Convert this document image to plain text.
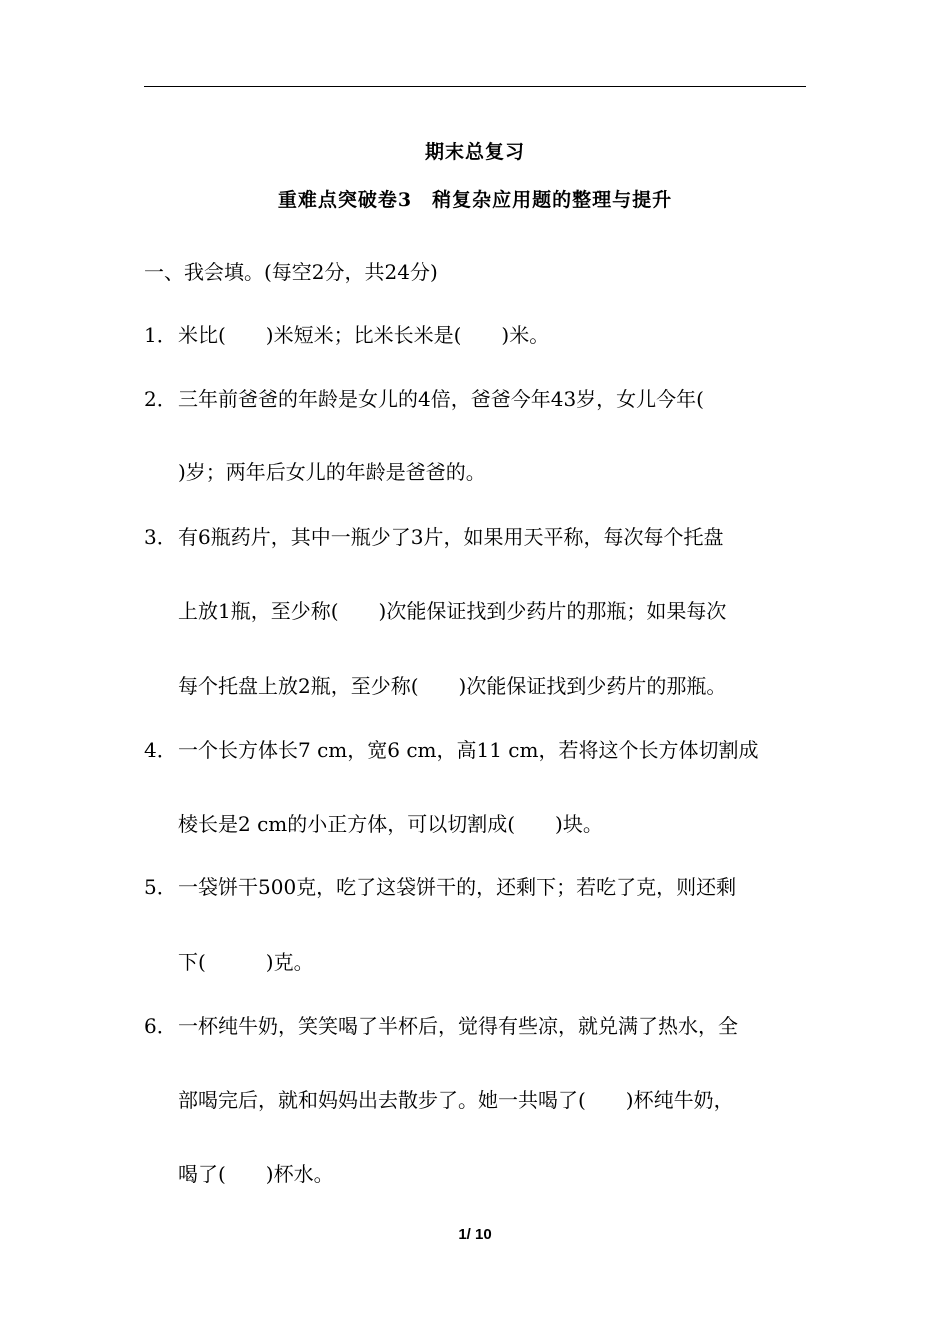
期末总复习
重难点突破卷3　稍复杂应用题的整理与提升
一、我会填。(每空2分，共24分)
1．米比(　　)米短米；比米长米是(　　)米。
2．三年前爸爸的年龄是女儿的4倍，爸爸今年43岁，女儿今年(
)岁；两年后女儿的年龄是爸爸的。
3．有6瓶药片，其中一瓶少了3片，如果用天平称，每次每个托盘
上放1瓶，至少称(　　)次能保证找到少药片的那瓶；如果每次
每个托盘上放2瓶，至少称(　　)次能保证找到少药片的那瓶。
4．一个长方体长7 cm，宽6 cm，高11 cm，若将这个长方体切割成
棱长是2 cm的小正方体，可以切割成(　　)块。
5．一袋饼干500克，吃了这袋饼干的，还剩下；若吃了克，则还剩
下(　　　)克。
6．一杯纯牛奶，笑笑喝了半杯后，觉得有些凉，就兑满了热水，全
部喝完后，就和妈妈出去散步了。她一共喝了(　　)杯纯牛奶，
喝了(　　)杯水。
1/ 10
